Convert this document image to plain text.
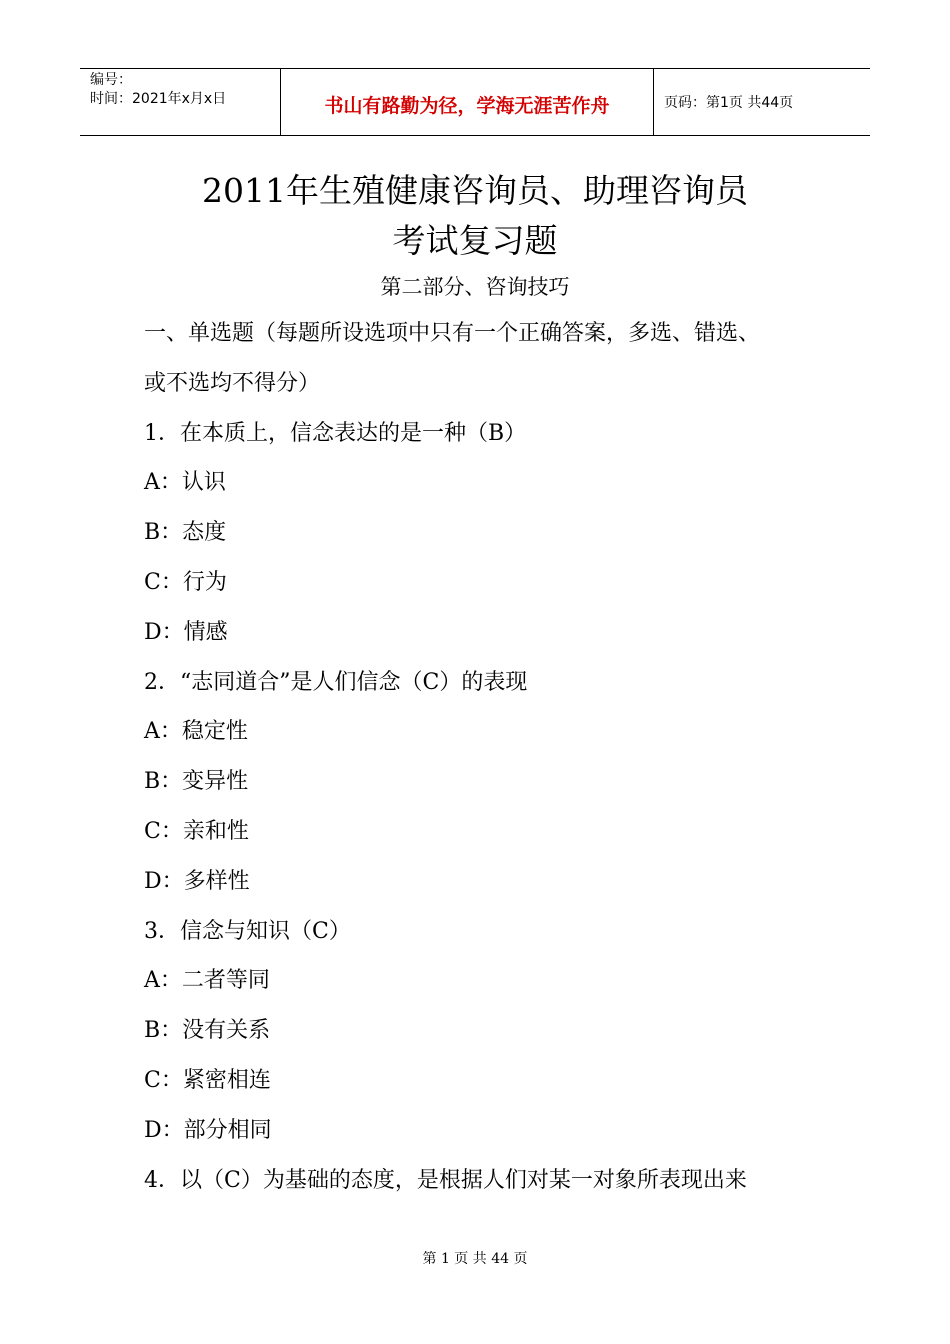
编号：
时间：2021年x月x日	书山有路勤为径，学海无涯苦作舟	页码：第1页 共44页
2011年生殖健康咨询员、助理咨询员
考试复习题
第二部分、咨询技巧
一、单选题（每题所设选项中只有一个正确答案，多选、错选、
或不选均不得分）
1．在本质上，信念表达的是一种（B）
A：认识
B：态度
C：行为
D：情感
2．“志同道合”是人们信念（C）的表现
A：稳定性
B：变异性
C：亲和性
D：多样性
3．信念与知识（C）
A：二者等同
B：没有关系
C：紧密相连
D：部分相同
4．以（C）为基础的态度，是根据人们对某一对象所表现出来
第 1 页 共 44 页
